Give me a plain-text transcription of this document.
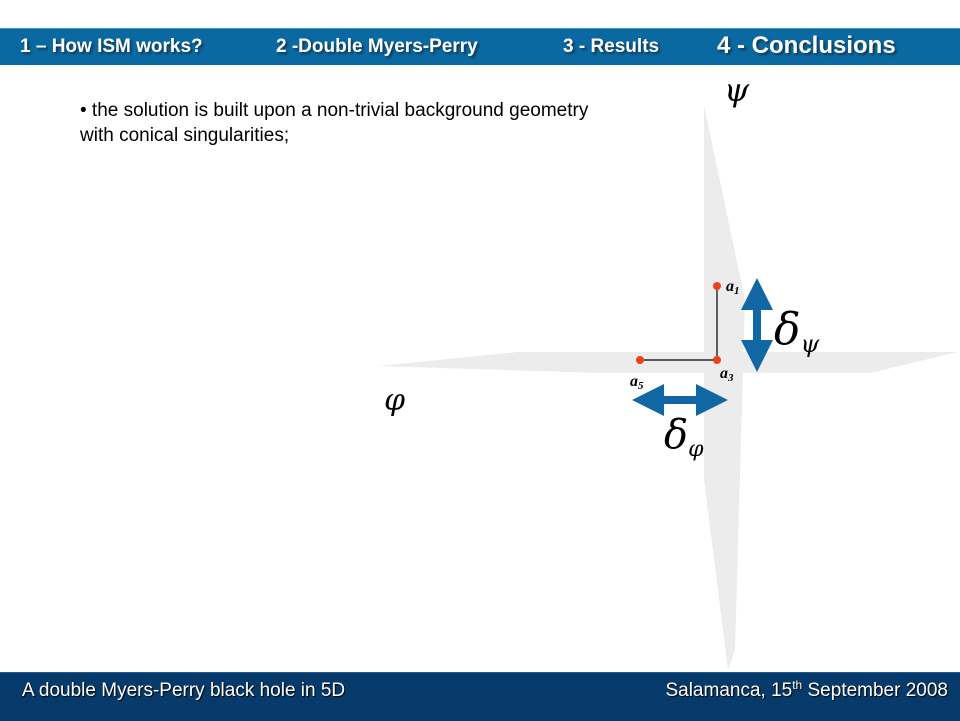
1 – How ISM works?	2 -Double Myers-Perry	3 - Results 4 - Conclusions
• the solution is built upon a non-trivial background geometry with conical singularities;
a1
a3
a5
ψ
φ
δψ
$\delta_\varphi$
A double Myers-Perry black hole in 5D	Salamanca, 15th September 2008
